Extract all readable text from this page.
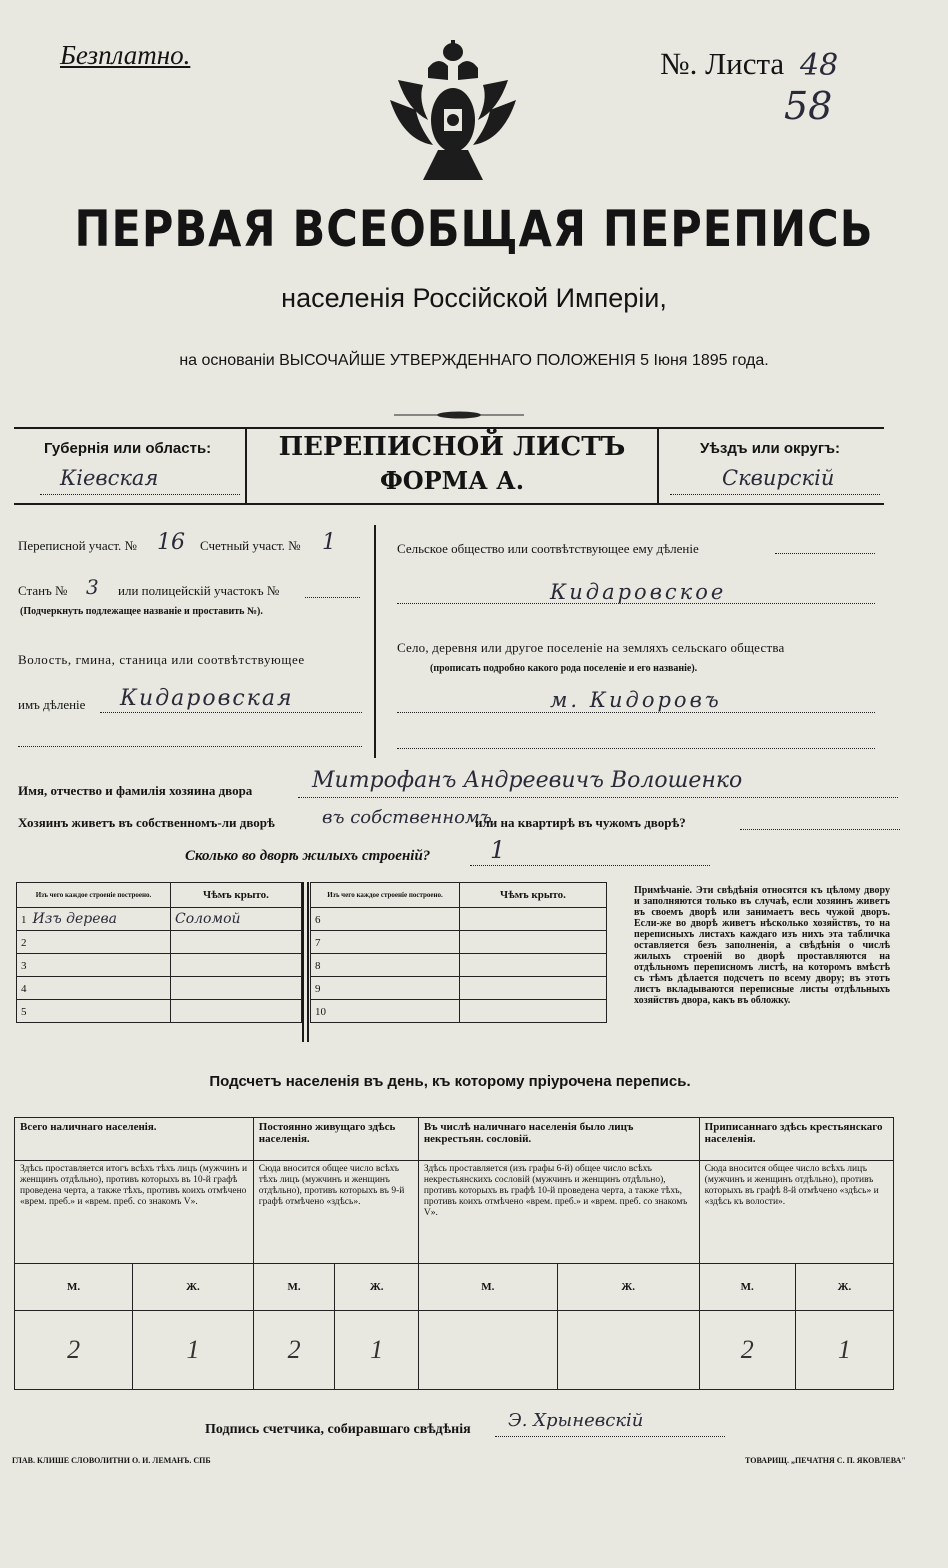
Безплатно.	№. Листа 48
58
ПЕРВАЯ ВСЕОБЩАЯ ПЕРЕПИСЬ
населенія Россійской Имперіи,
на основаніи ВЫСОЧАЙШЕ УТВЕРЖДЕННАГО ПОЛОЖЕНІЯ 5 Іюня 1895 года.
Губернія или область:
Кіевская
ПЕРЕПИСНОЙ ЛИСТЪ
ФОРМА А.
Уѣздъ или округъ:
Сквирскій
Переписной участ. № 16 Счетный участ. № 1
Станъ № 3 или полицейскій участокъ №
(Подчеркнуть подлежащее названіе и проставить №).
Волость, гмина, станица или соотвѣтствующее
имъ дѣленіе Кидаровская
Сельское общество или соотвѣтствующее ему дѣленіе
Кидаровское
Село, деревня или другое поселеніе на земляхъ сельскаго общества
(прописать подробно какого рода поселеніе и его названіе).
м. Кидоровъ
Имя, отчество и фамилія хозяина двора	Митрофанъ Андреевичъ Волошенко
Хозяинъ живетъ въ собственномъ-ли дворѣ	въ собственномъ
или на квартирѣ въ чужомъ дворѣ?
Сколько во дворѣ жилыхъ строеній? 1
Изъ чего каждое строеніе построено.	Чѣмъ крыто.
1 Изъ дерева	Соломой
2	
3	
4	
5	
Изъ чего каждое строеніе построено.	Чѣмъ крыто.
6	
7	
8	
9	
10	
Примѣчаніе. Эти свѣдѣнія относятся къ цѣлому двору и заполняются только въ случаѣ, если хозяинъ живетъ въ своемъ дворѣ или занимаетъ весь чужой дворъ. Если-же во дворѣ живетъ нѣсколько хозяйствъ, то на переписныхъ листахъ каждаго изъ нихъ эта табличка оставляется безъ заполненія, а свѣдѣнія о числѣ жилыхъ строеній во дворѣ проставляются на отдѣльномъ переписномъ листѣ, на которомъ вмѣстѣ съ тѣмъ дѣлается подсчетъ по всему двору; въ этотъ листъ вкладываются переписные листы отдѣльныхъ хозяйствъ двора, какъ въ обложку.
Подсчетъ населенія въ день, къ которому пріурочена перепись.
Всего наличнаго населенія.		Постоянно живущаго здѣсь населенія.		Въ числѣ наличнаго населенія было лицъ некрестьян. сословій.		Приписаннаго здѣсь крестьянскаго населенія.	
Здѣсь проставляется итогъ всѣхъ тѣхъ лицъ (мужчинъ и женщинъ отдѣльно), противъ которыхъ въ 10-й графѣ проведена черта, а также тѣхъ, противъ коихъ отмѣчено «врем. преб.» и «врем. преб. со знакомъ V».		Сюда вносится общее число всѣхъ тѣхъ лицъ (мужчинъ и женщинъ отдѣльно), противъ которыхъ въ 9-й графѣ отмѣчено «здѣсь».		Здѣсь проставляется (изъ графы 6-й) общее число всѣхъ некрестьянскихъ сословій (мужчинъ и женщинъ отдѣльно), противъ которыхъ въ графѣ 10-й проведена черта, а также тѣхъ, противъ коихъ отмѣчено «врем. преб.» и «врем. преб. со знакомъ V».		Сюда вносится общее число всѣхъ лицъ (мужчинъ и женщинъ отдѣльно), противъ которыхъ въ графѣ 8-й отмѣчено «здѣсь» и «здѣсь къ волости».	
М.	Ж.	М.	Ж.	М.	Ж.	М.	Ж.
2	1	2	1			2	1
Подпись счетчика, собиравшаго свѣдѣнія Э. Хрыневскій
ГЛАВ. КЛИШЕ СЛОВОЛИТНИ О. И. ЛЕМАНЪ. СПБ	ТОВАРИЩ. „ПЕЧАТНЯ С. П. ЯКОВЛЕВА"
